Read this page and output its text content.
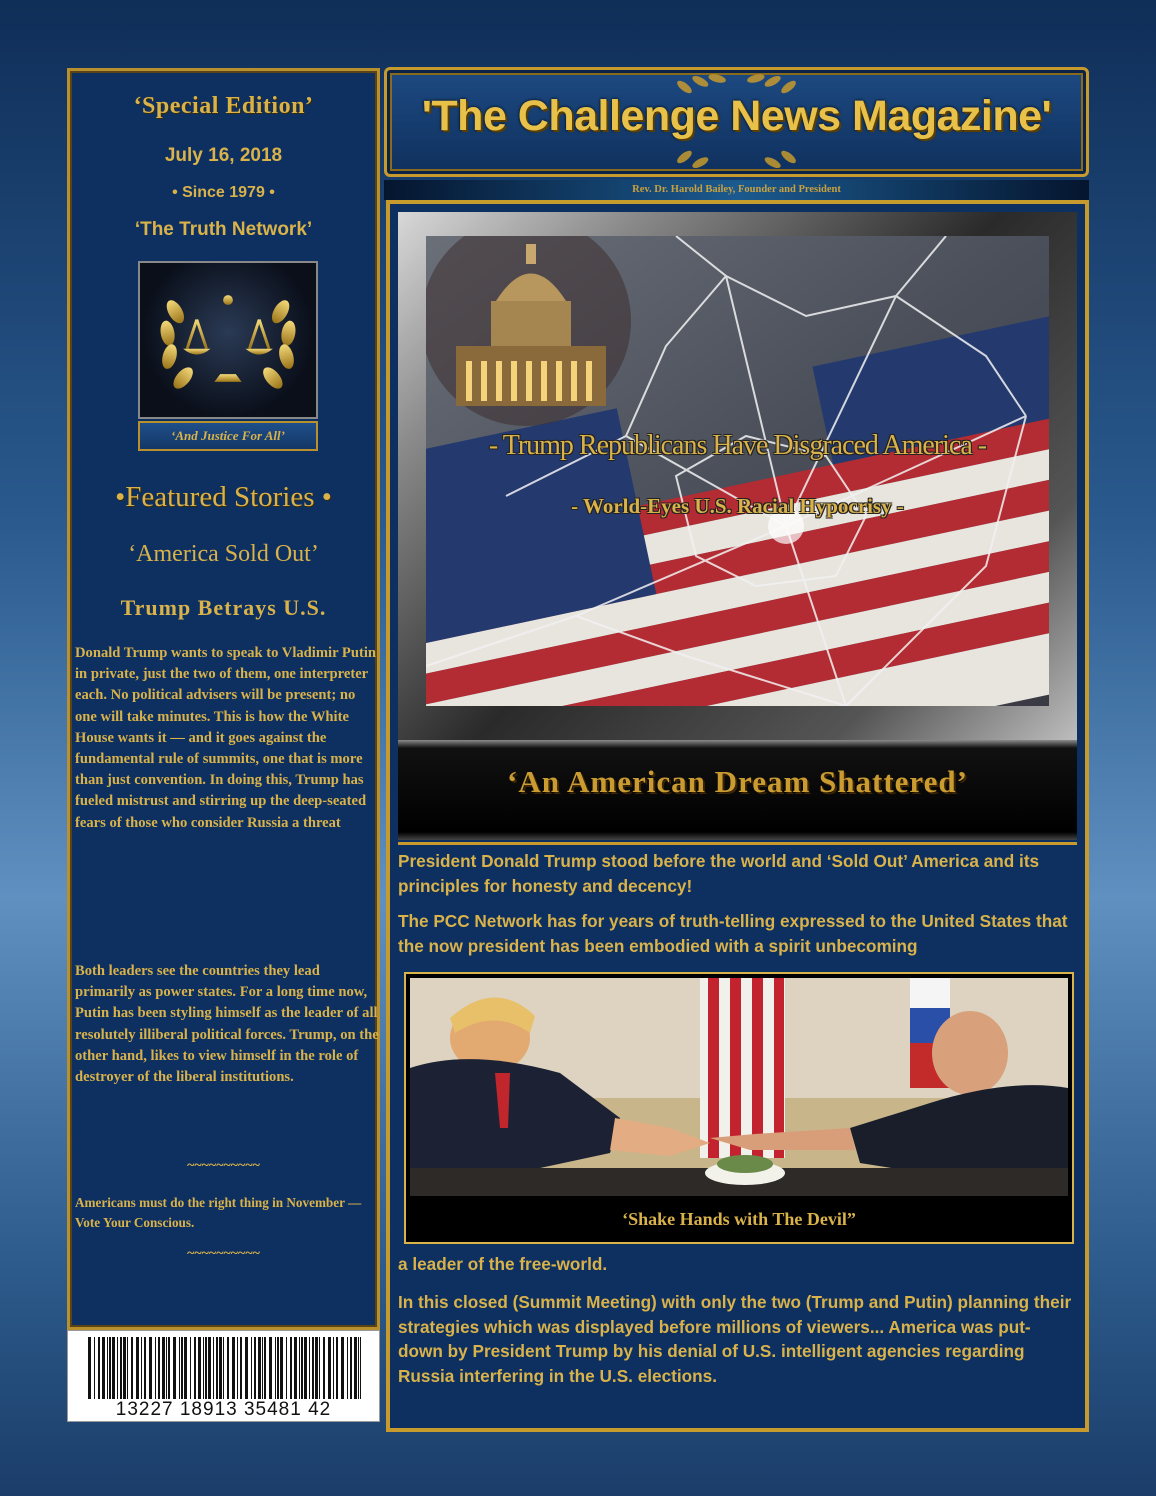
‘Special Edition’
July 16, 2018
• Since 1979 •
‘The Truth Network’
‘And Justice For All’
•Featured Stories •
‘America Sold Out’
Trump Betrays U.S.
Donald Trump wants to speak to Vladimir Putin in private, just the two of them, one interpreter each. No political advisers will be present; no one will take minutes. This is how the White House wants it — and it goes against the fundamental rule of summits, one that is more than just convention. In doing this, Trump has fueled mistrust and stirring up the deep-seated fears of those who consider Russia a threat
Both leaders see the countries they lead primarily as power states. For a long time now, Putin has been styling himself as the leader of all resolutely illiberal political forces. Trump, on the other hand, likes to view himself in the role of destroyer of the liberal institutions.
~~~~~~~~~~
Americans must do the right thing in November — Vote Your Conscious.
~~~~~~~~~~
13227 18913 35481 42
'The Challenge News Magazine'
Rev. Dr. Harold Bailey, Founder and President
- Trump Republicans Have Disgraced America -
- World-Eyes U.S. Racial Hypocrisy -
‘An American Dream Shattered’
President Donald Trump stood before the world and ‘Sold Out’ America and its principles for honesty and decency!
The PCC Network has for years of truth-telling expressed to the United States that the now president has been embodied with a spirit unbecoming
‘Shake Hands with The Devil”
a leader of the free-world.
In this closed (Summit Meeting) with only the two (Trump and Putin) planning their strategies which was displayed before millions of viewers... America was put-down by President Trump by his denial of U.S. intelligent agencies regarding Russia interfering in the U.S. elections.
